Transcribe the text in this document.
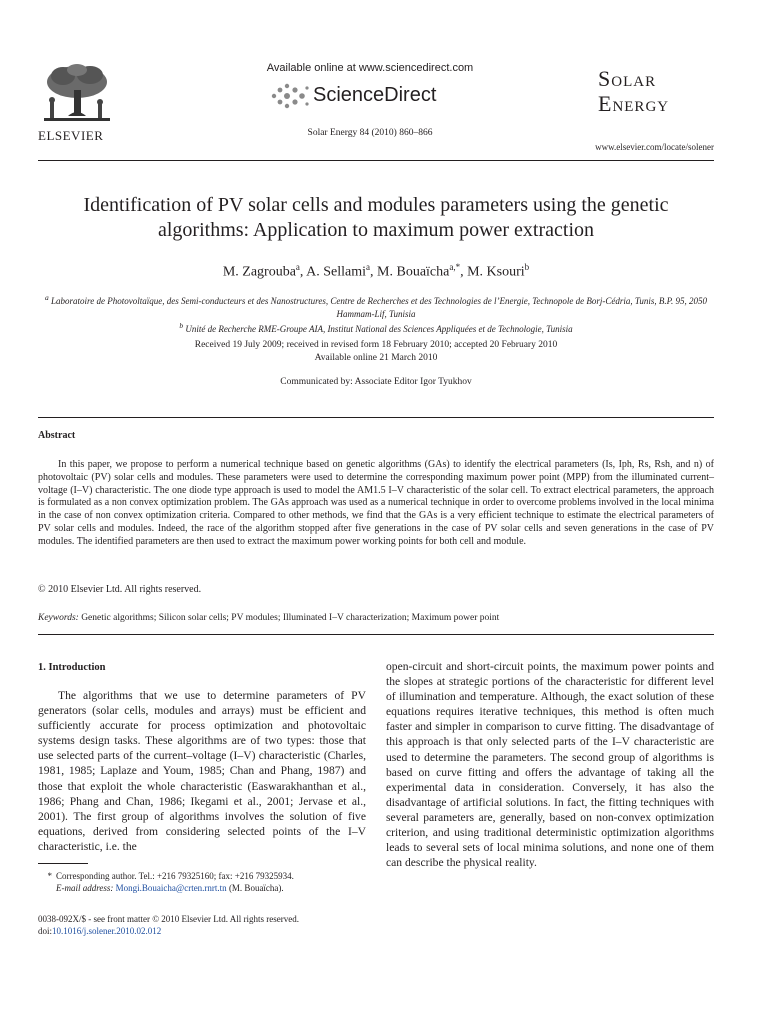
ELSEVIER
Available online at www.sciencedirect.com
ScienceDirect
Solar Energy 84 (2010) 860–866
Solar
Energy
www.elsevier.com/locate/solener
Identification of PV solar cells and modules parameters using the genetic algorithms: Application to maximum power extraction
M. Zagrouba$^a$, A. Sellami$^a$, M. Bouaïcha$^{a,*}$, M. Ksouri$^b$
$^a$ Laboratoire de Photovoltaïque, des Semi-conducteurs et des Nanostructures, Centre de Recherches et des Technologies de l’Energie, Technopole de Borj-Cédria, Tunis, B.P. 95, 2050 Hammam-Lif, Tunisia
$^b$ Unité de Recherche RME-Groupe AIA, Institut National des Sciences Appliquées et de Technologie, Tunisia
Received 19 July 2009; received in revised form 18 February 2010; accepted 20 February 2010
Available online 21 March 2010
Communicated by: Associate Editor Igor Tyukhov
Abstract
In this paper, we propose to perform a numerical technique based on genetic algorithms (GAs) to identify the electrical parameters (Is, Iph, Rs, Rsh, and n) of photovoltaic (PV) solar cells and modules. These parameters were used to determine the corresponding maximum power point (MPP) from the illuminated current–voltage (I–V) characteristic. The one diode type approach is used to model the AM1.5 I–V characteristic of the solar cell. To extract electrical parameters, the approach is formulated as a non convex optimization problem. The GAs approach was used as a numerical technique in order to overcome problems involved in the local minima in the case of non convex optimization criteria. Compared to other methods, we find that the GAs is a very efficient technique to estimate the electrical parameters of PV solar cells and modules. Indeed, the race of the algorithm stopped after five generations in the case of PV solar cells and seven generations in the case of PV modules. The identified parameters are then used to extract the maximum power working points for both cell and module.
© 2010 Elsevier Ltd. All rights reserved.
Keywords: Genetic algorithms; Silicon solar cells; PV modules; Illuminated I–V characterization; Maximum power point
1. Introduction
The algorithms that we use to determine parameters of PV generators (solar cells, modules and arrays) must be efficient and sufficiently accurate for process optimization and photovoltaic systems design tasks. These algorithms are of two types: those that use selected parts of the current–voltage (I–V) characteristic (Charles, 1981, 1985; Laplaze and Youm, 1985; Chan and Phang, 1987) and those that exploit the whole characteristic (Easwarakhanthan et al., 1986; Phang and Chan, 1986; Ikegami et al., 2001; Jervase et al., 2001). The first group of algorithms involves the solution of five equations, derived from considering selected points of the I–V characteristic, i.e. the
open-circuit and short-circuit points, the maximum power points and the slopes at strategic portions of the characteristic for different level of illumination and temperature. Although, the exact solution of these equations requires iterative techniques, this method is often much faster and simpler in comparison to curve fitting. The disadvantage of this approach is that only selected parts of the I–V characteristic are used to determine the parameters. The second group of algorithms is based on curve fitting and offers the advantage of taking all the experimental data in consideration. Conversely, it has also the disadvantage of artificial solutions. In fact, the fitting techniques with several parameters are, generally, based on non-convex optimization criterion, and using traditional deterministic optimization algorithms leads to several sets of local minima solutions, and none one of them can describe the physical reality.
* Corresponding author. Tel.: +216 79325160; fax: +216 79325934.
E-mail address: Mongi.Bouaicha@crten.rnrt.tn (M. Bouaïcha).
0038-092X/$ - see front matter © 2010 Elsevier Ltd. All rights reserved.
doi:10.1016/j.solener.2010.02.012
